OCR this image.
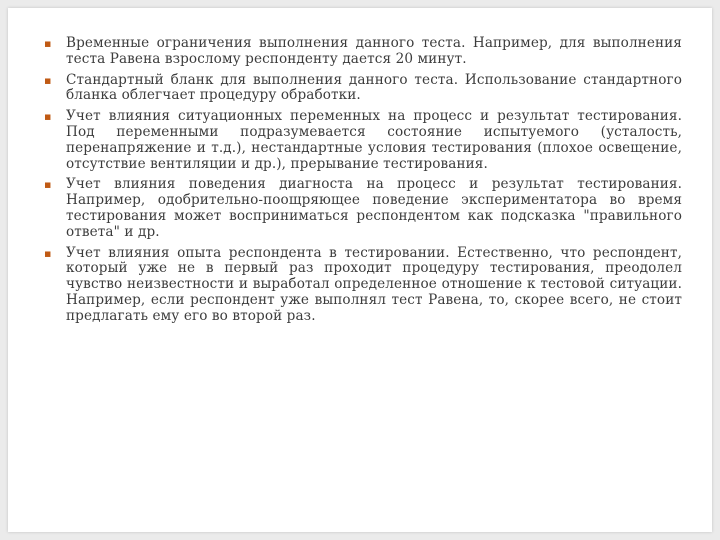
▪ Временные ограничения выполнения данного теста. Например, для выполнения теста Равена взрослому респонденту дается 20 минут.
▪ Стандартный бланк для выполнения данного теста. Использование стандартного бланка облегчает процедуру обработки.
▪ Учет влияния ситуационных переменных на процесс и результат тестирования. Под переменными подразумевается состояние испытуемого (усталость, перенапряжение и т.д.), нестандартные условия тестирования (плохое освещение, отсутствие вентиляции и др.), прерывание тестирования.
▪ Учет влияния поведения диагноста на процесс и результат тестирования. Например, одобрительно-поощряющее поведение экспериментатора во время тестирования может восприниматься респондентом как подсказка "правильного ответа" и др.
▪ Учет влияния опыта респондента в тестировании. Естественно, что респондент, который уже не в первый раз проходит процедуру тестирования, преодолел чувство неизвестности и выработал определенное отношение к тестовой ситуации. Например, если респондент уже выполнял тест Равена, то, скорее всего, не стоит предлагать ему его во второй раз.
